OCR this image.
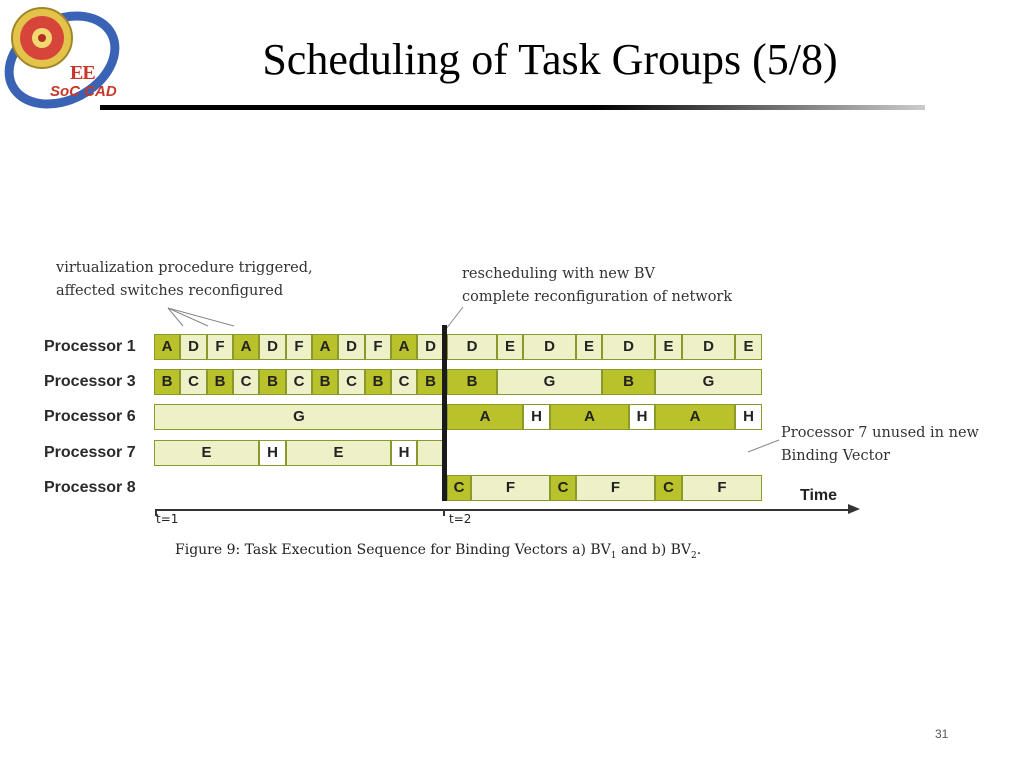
EE
SoC CAD
Scheduling of Task Groups (5/8)
virtualization procedure triggered,
affected switches reconfigured
rescheduling with new BV
complete reconfiguration of network
Processor 7 unused in new
Binding Vector
Processor 1
Processor 3
Processor 6
Processor 7
Processor 8
A	D	F	A	D	F	A	D	F	A	D	D	E	D	E	D	E	D	E
B	C	B	C	B	C	B	C	B	C	B	B	G	B	G
G	A	H	A	H	A	H
E	H	E	H
C	F	C	F	C	F
t=1	t=2
Time
Figure 9: Task Execution Sequence for Binding Vectors a) $BV_1$ and b) $BV_2$.
31
